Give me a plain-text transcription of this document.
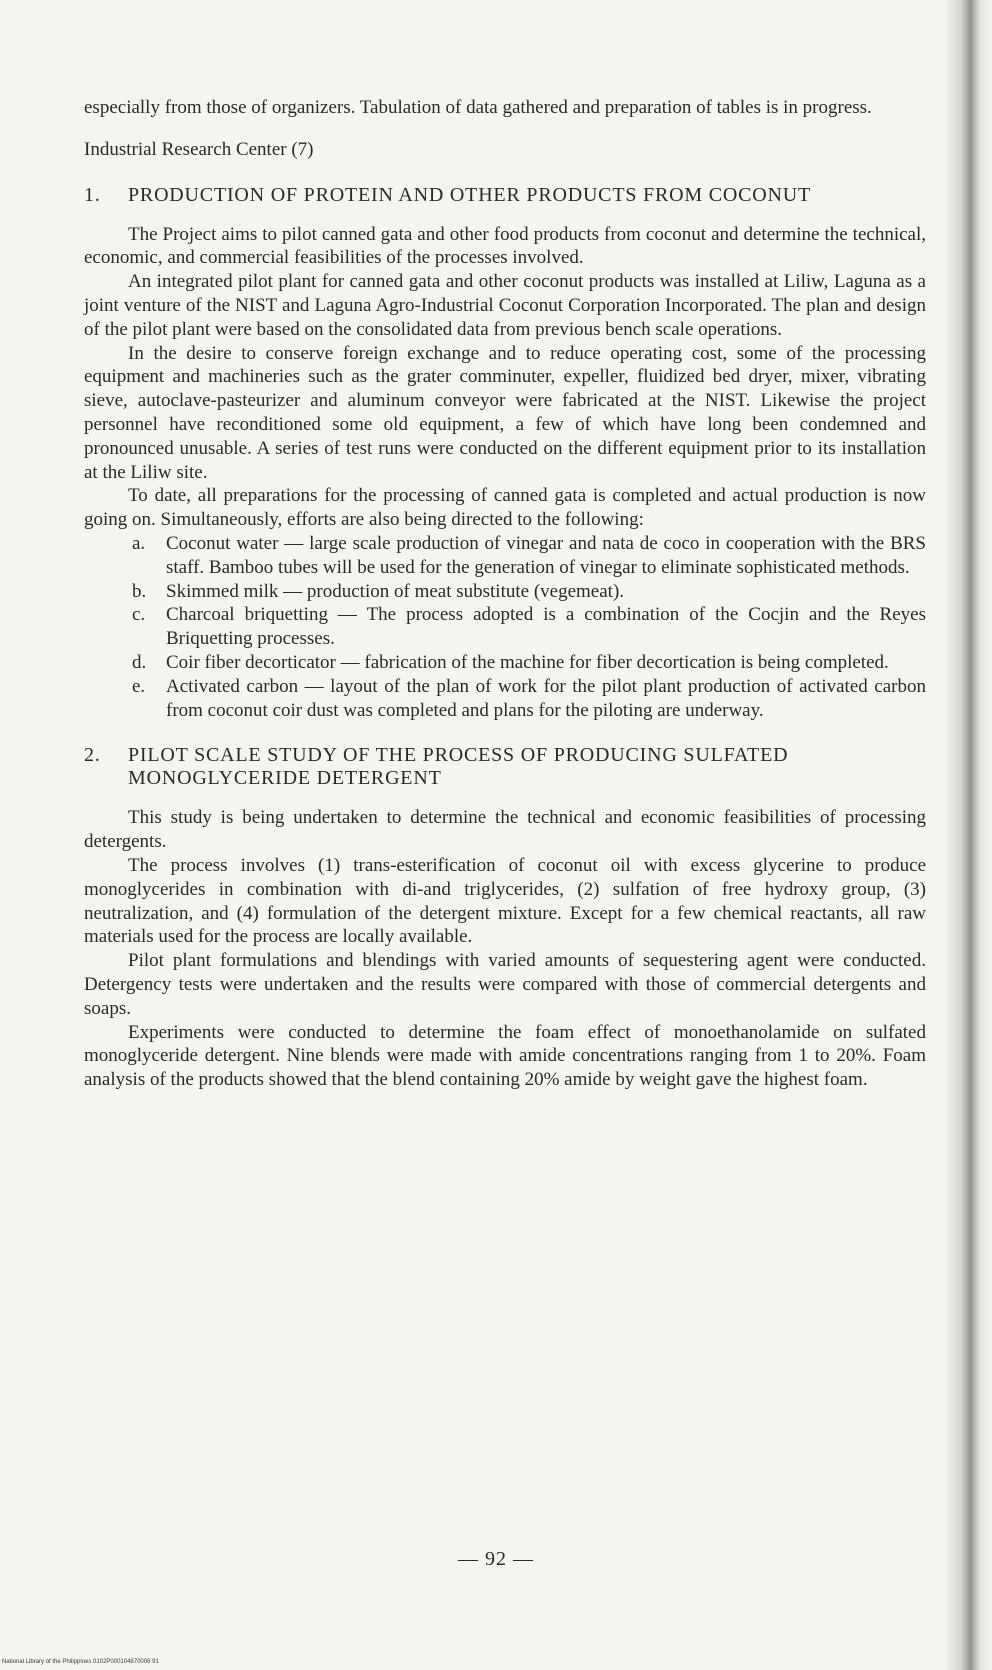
especially from those of organizers. Tabulation of data gathered and preparation of tables is in progress.

Industrial Research Center (7)

1.	PRODUCTION OF PROTEIN AND OTHER PRODUCTS FROM COCONUT

The Project aims to pilot canned gata and other food products from coconut and determine the technical, economic, and commercial feasibilities of the processes involved.

An integrated pilot plant for canned gata and other coconut products was installed at Liliw, Laguna as a joint venture of the NIST and Laguna Agro-Industrial Coconut Corporation Incorporated. The plan and design of the pilot plant were based on the consolidated data from previous bench scale operations.

In the desire to conserve foreign exchange and to reduce operating cost, some of the processing equipment and machineries such as the grater comminuter, expeller, fluidized bed dryer, mixer, vibrating sieve, autoclave-pasteurizer and aluminum conveyor were fabricated at the NIST. Likewise the project personnel have reconditioned some old equipment, a few of which have long been condemned and pronounced unusable. A series of test runs were conducted on the different equipment prior to its installation at the Liliw site.

To date, all preparations for the processing of canned gata is completed and actual production is now going on. Simultaneously, efforts are also being directed to the following:

a.	Coconut water — large scale production of vinegar and nata de coco in cooperation with the BRS staff. Bamboo tubes will be used for the generation of vinegar to eliminate sophisticated methods.
b.	Skimmed milk — production of meat substitute (vegemeat).
c.	Charcoal briquetting — The process adopted is a combination of the Cocjin and the Reyes Briquetting processes.
d.	Coir fiber decorticator — fabrication of the machine for fiber decortication is being completed.
e.	Activated carbon — layout of the plan of work for the pilot plant production of activated carbon from coconut coir dust was completed and plans for the piloting are underway.
2.	PILOT SCALE STUDY OF THE PROCESS OF PRODUCING SULFATED MONOGLYCERIDE DETERGENT

This study is being undertaken to determine the technical and economic feasibilities of processing detergents.

The process involves (1) trans-esterification of coconut oil with excess glycerine to produce monoglycerides in combination with di-and triglycerides, (2) sulfation of free hydroxy group, (3) neutralization, and (4) formulation of the detergent mixture. Except for a few chemical reactants, all raw materials used for the process are locally available.

Pilot plant formulations and blendings with varied amounts of sequestering agent were conducted. Detergency tests were undertaken and the results were compared with those of commercial detergents and soaps.

Experiments were conducted to determine the foam effect of monoethanolamide on sulfated monoglyceride detergent. Nine blends were made with amide concentrations ranging from 1 to 20%. Foam analysis of the products showed that the blend containing 20% amide by weight gave the highest foam.

— 92 —
National Library of the Philippines 0102P000104870006 91
